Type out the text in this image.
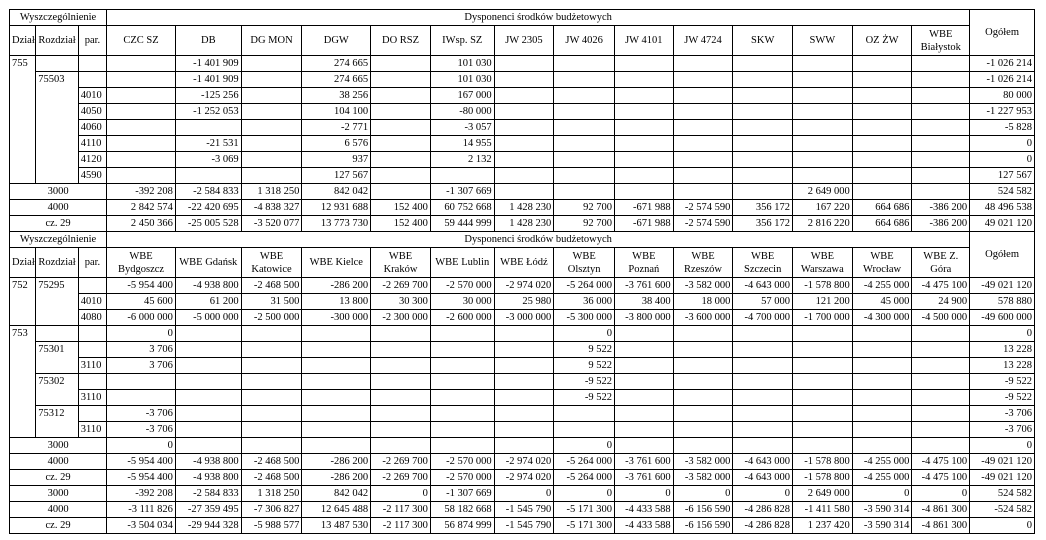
Wyszczególnienie			Dysponenci środków budżetowych														Ogółem
Dział	Rozdział	par.	CZC SZ	DB	DG MON	DGW	DO RSZ	IWsp. SZ	JW 2305	JW 4026	JW 4101	JW 4724	SKW	SWW	OZ ŻW	WBE Białystok	
755				-1 401 909		274 665		101 030									-1 026 214
	75503			-1 401 909		274 665		101 030									-1 026 214
		4010		-125 256		38 256		167 000									80 000
		4050		-1 252 053		104 100		-80 000									-1 227 953
		4060				-2 771		-3 057									-5 828
		4110		-21 531		6 576		14 955									0
		4120		-3 069		937		2 132									0
		4590				127 567											127 567
3000			-392 208	-2 584 833	1 318 250	842 042		-1 307 669						2 649 000			524 582
4000			2 842 574	-22 420 695	-4 838 327	12 931 688	152 400	60 752 668	1 428 230	92 700	-671 988	-2 574 590	356 172	167 220	664 686	-386 200	48 496 538
cz. 29			2 450 366	-25 005 528	-3 520 077	13 773 730	152 400	59 444 999	1 428 230	92 700	-671 988	-2 574 590	356 172	2 816 220	664 686	-386 200	49 021 120
Wyszczególnienie			Dysponenci środków budżetowych														Ogółem
Dział	Rozdział	par.	WBE Bydgoszcz	WBE Gdańsk	WBE Katowice	WBE Kielce	WBE Kraków	WBE Lublin	WBE Łódź	WBE Olsztyn	WBE Poznań	WBE Rzeszów	WBE Szczecin	WBE Warszawa	WBE Wrocław	WBE Z. Góra	
752	75295		-5 954 400	-4 938 800	-2 468 500	-286 200	-2 269 700	-2 570 000	-2 974 020	-5 264 000	-3 761 600	-3 582 000	-4 643 000	-1 578 800	-4 255 000	-4 475 100	-49 021 120
		4010	45 600	61 200	31 500	13 800	30 300	30 000	25 980	36 000	38 400	18 000	57 000	121 200	45 000	24 900	578 880
		4080	-6 000 000	-5 000 000	-2 500 000	-300 000	-2 300 000	-2 600 000	-3 000 000	-5 300 000	-3 800 000	-3 600 000	-4 700 000	-1 700 000	-4 300 000	-4 500 000	-49 600 000
753			0							0							0
	75301		3 706							9 522							13 228
		3110	3 706							9 522							13 228
	75302									-9 522							-9 522
		3110								-9 522							-9 522
	75312		-3 706														-3 706
		3110	-3 706														-3 706
3000			0							0							0
4000			-5 954 400	-4 938 800	-2 468 500	-286 200	-2 269 700	-2 570 000	-2 974 020	-5 264 000	-3 761 600	-3 582 000	-4 643 000	-1 578 800	-4 255 000	-4 475 100	-49 021 120
cz. 29			-5 954 400	-4 938 800	-2 468 500	-286 200	-2 269 700	-2 570 000	-2 974 020	-5 264 000	-3 761 600	-3 582 000	-4 643 000	-1 578 800	-4 255 000	-4 475 100	-49 021 120
3000			-392 208	-2 584 833	1 318 250	842 042	0	-1 307 669	0	0	0	0	0	2 649 000	0	0	524 582
4000			-3 111 826	-27 359 495	-7 306 827	12 645 488	-2 117 300	58 182 668	-1 545 790	-5 171 300	-4 433 588	-6 156 590	-4 286 828	-1 411 580	-3 590 314	-4 861 300	-524 582
cz. 29			-3 504 034	-29 944 328	-5 988 577	13 487 530	-2 117 300	56 874 999	-1 545 790	-5 171 300	-4 433 588	-6 156 590	-4 286 828	1 237 420	-3 590 314	-4 861 300	0
